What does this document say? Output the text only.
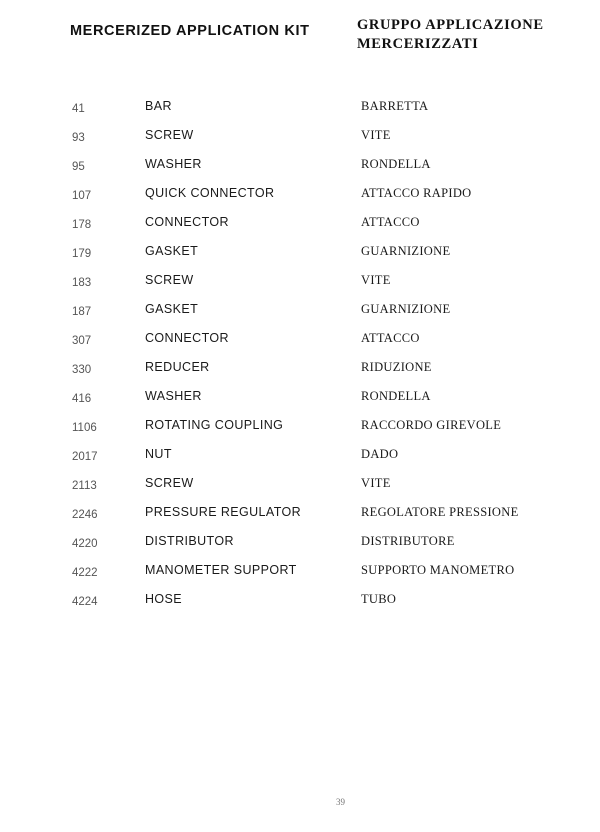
MERCERIZED APPLICATION KIT	GRUPPO APPLICAZIONE
MERCERIZZATI
41	BAR	BARRETTA
93	SCREW	VITE
95	WASHER	RONDELLA
107	QUICK CONNECTOR	ATTACCO RAPIDO
178	CONNECTOR	ATTACCO
179	GASKET	GUARNIZIONE
183	SCREW	VITE
187	GASKET	GUARNIZIONE
307	CONNECTOR	ATTACCO
330	REDUCER	RIDUZIONE
416	WASHER	RONDELLA
1106	ROTATING COUPLING	RACCORDO GIREVOLE
2017	NUT	DADO
2113	SCREW	VITE
2246	PRESSURE REGULATOR	REGOLATORE PRESSIONE
4220	DISTRIBUTOR	DISTRIBUTORE
4222	MANOMETER SUPPORT	SUPPORTO MANOMETRO
4224	HOSE	TUBO
39
